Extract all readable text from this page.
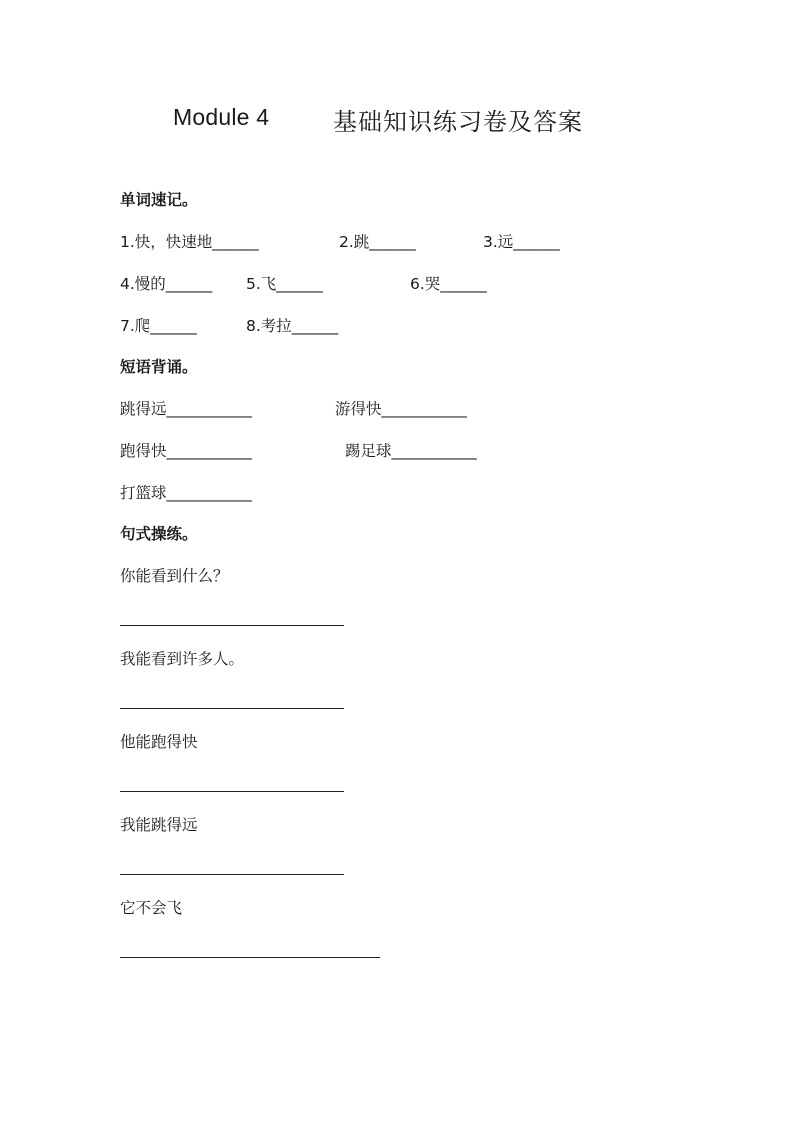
Module 4	基础知识练习卷及答案
单词速记。
1.快，快速地______	2.跳______	3.远______
4.慢的______ 5.飞______	6.哭______
7.爬______	8.考拉______
短语背诵。
跳得远___________	游得快___________
跑得快___________	踢足球___________
打篮球___________
句式操练。
你能看到什么？
我能看到许多人。
他能跑得快
我能跳得远
它不会飞
